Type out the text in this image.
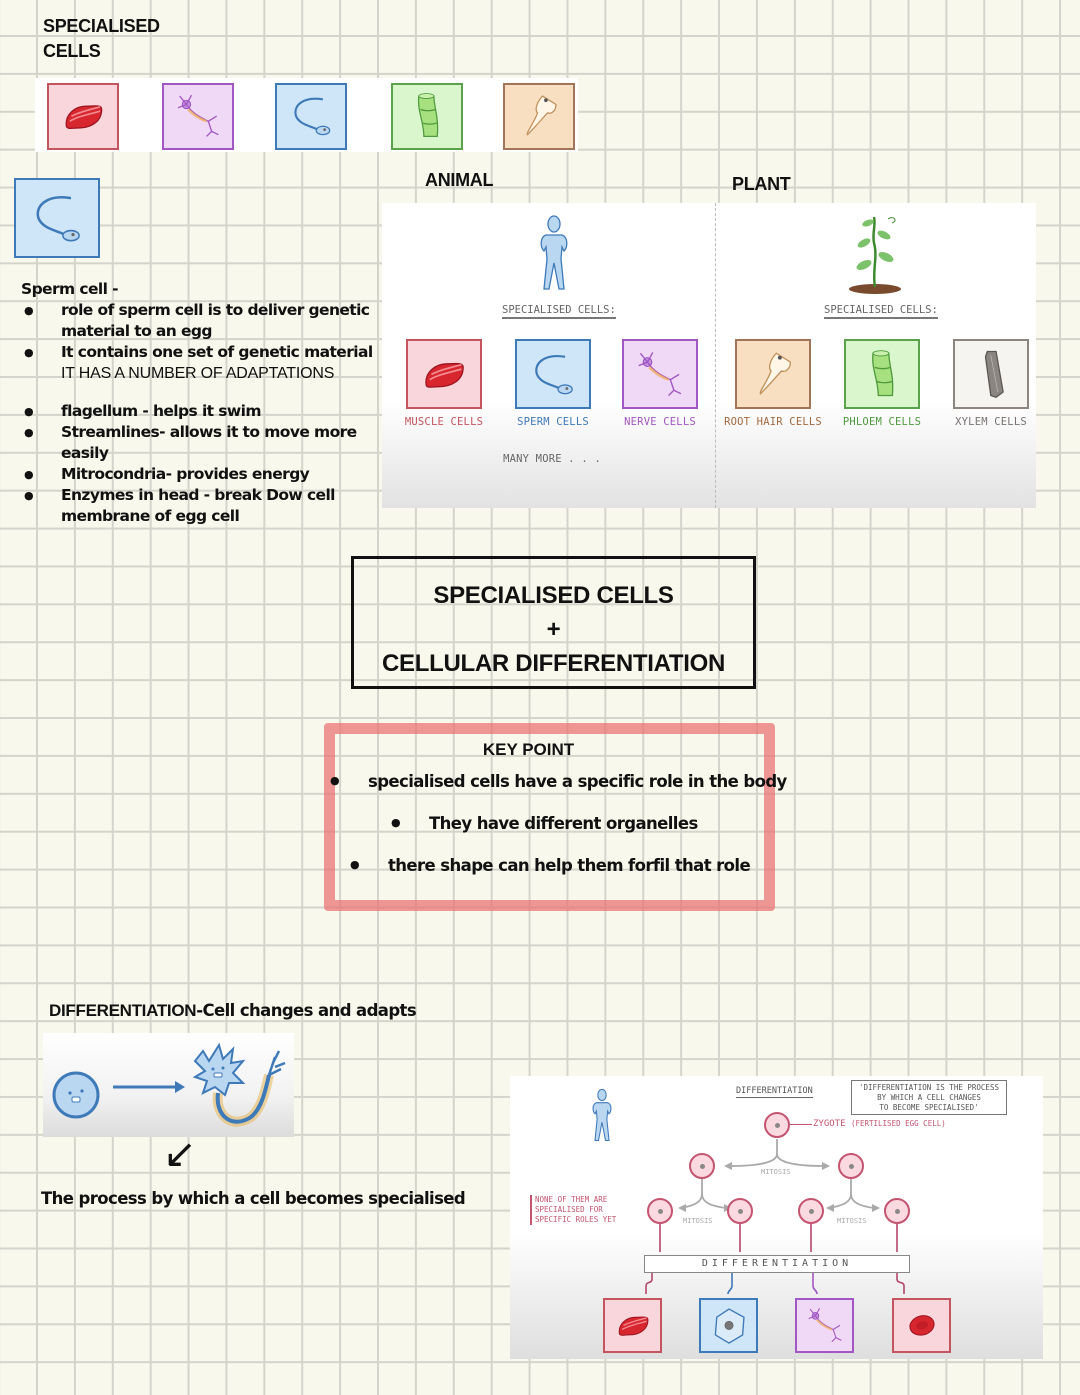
SPECIALISED
CELLS
Sperm cell -
● role of sperm cell is to deliver genetic
material to an egg
● It contains one set of genetic material
IT HAS A NUMBER OF ADAPTATIONS
● flagellum - helps it swim
● Streamlines- allows it to move more
easily
● Mitrocondria- provides energy
● Enzymes in head - break Dow cell
membrane of egg cell
ANIMAL	PLANT
SPECIALISED CELLS:
MUSCLE CELLS	SPERM CELLS	NERVE CELLS
MANY MORE . . .
SPECIALISED CELLS:
ROOT HAIR CELLS	PHLOEM CELLS	XYLEM CELLS
SPECIALISED CELLS
+
CELLULAR DIFFERENTIATION
KEY POINT
● specialised cells have a specific role in the body
● They have different organelles
● there shape can help them forfil that role
DIFFERENTIATION-Cell changes and adapts
↙
The process by which a cell becomes specialised
DIFFERENTIATION	'DIFFERENTIATION IS THE PROCESS
BY WHICH A CELL CHANGES
TO BECOME SPECIALISED'
ZYGOTE (FERTILISED EGG CELL)
MITOSIS
MITOSIS	MITOSIS
NONE OF THEM ARE
SPECIALISED FOR
SPECIFIC ROLES YET
DIFFERENTIATION
